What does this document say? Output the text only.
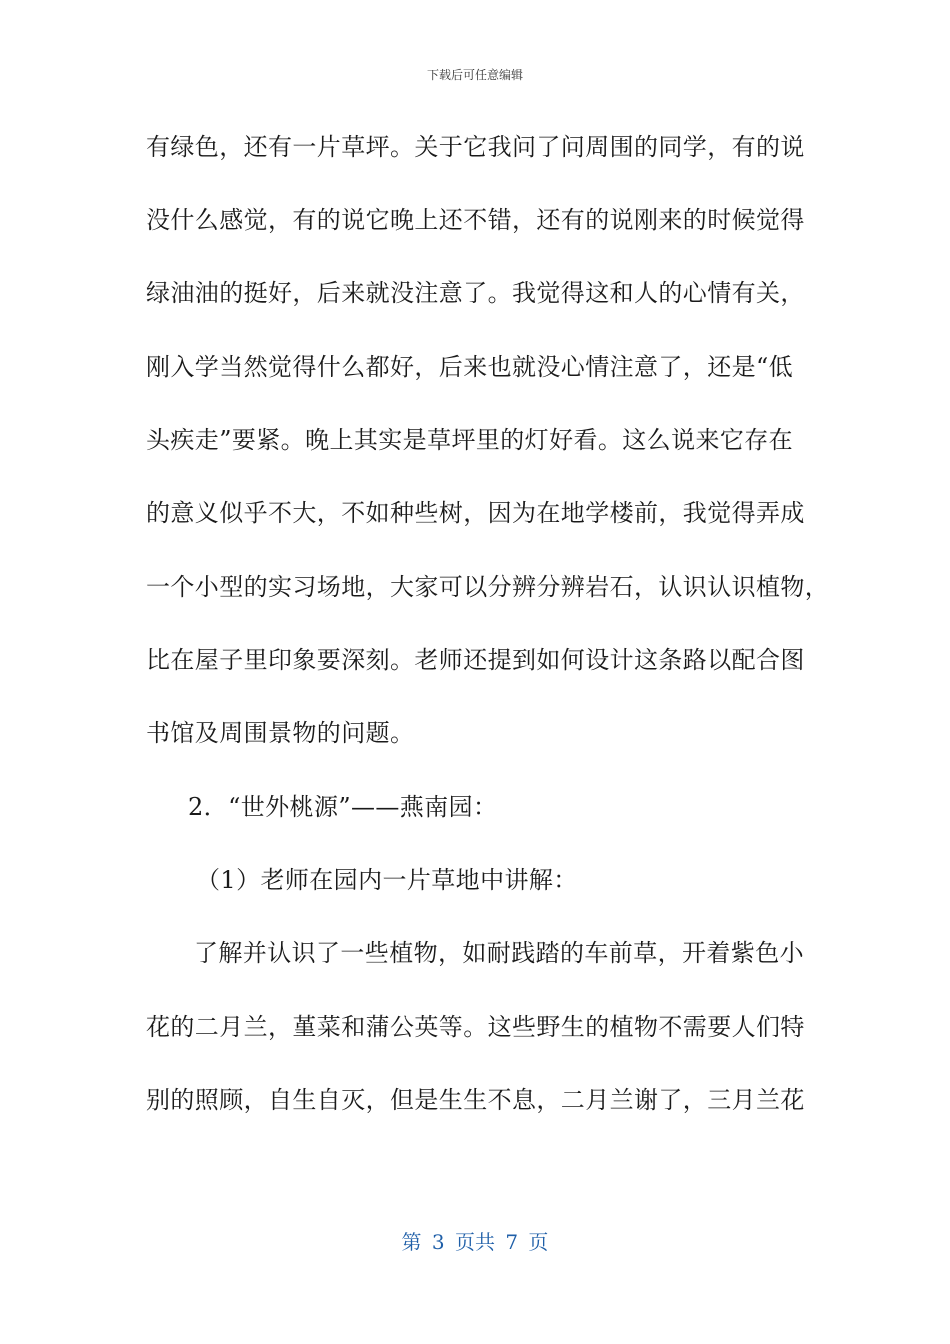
下载后可任意编辑
有绿色，还有一片草坪。关于它我问了问周围的同学，有的说
没什么感觉，有的说它晚上还不错，还有的说刚来的时候觉得
绿油油的挺好，后来就没注意了。我觉得这和人的心情有关，
刚入学当然觉得什么都好，后来也就没心情注意了，还是“低
头疾走”要紧。晚上其实是草坪里的灯好看。这么说来它存在
的意义似乎不大，不如种些树，因为在地学楼前，我觉得弄成
一个小型的实习场地，大家可以分辨分辨岩石，认识认识植物，
比在屋子里印象要深刻。老师还提到如何设计这条路以配合图
书馆及周围景物的问题。
2．“世外桃源”——燕南园：
（1）老师在园内一片草地中讲解：
了解并认识了一些植物，如耐践踏的车前草，开着紫色小
花的二月兰，堇菜和蒲公英等。这些野生的植物不需要人们特
别的照顾，自生自灭，但是生生不息，二月兰谢了，三月兰花
第 3 页共 7 页
